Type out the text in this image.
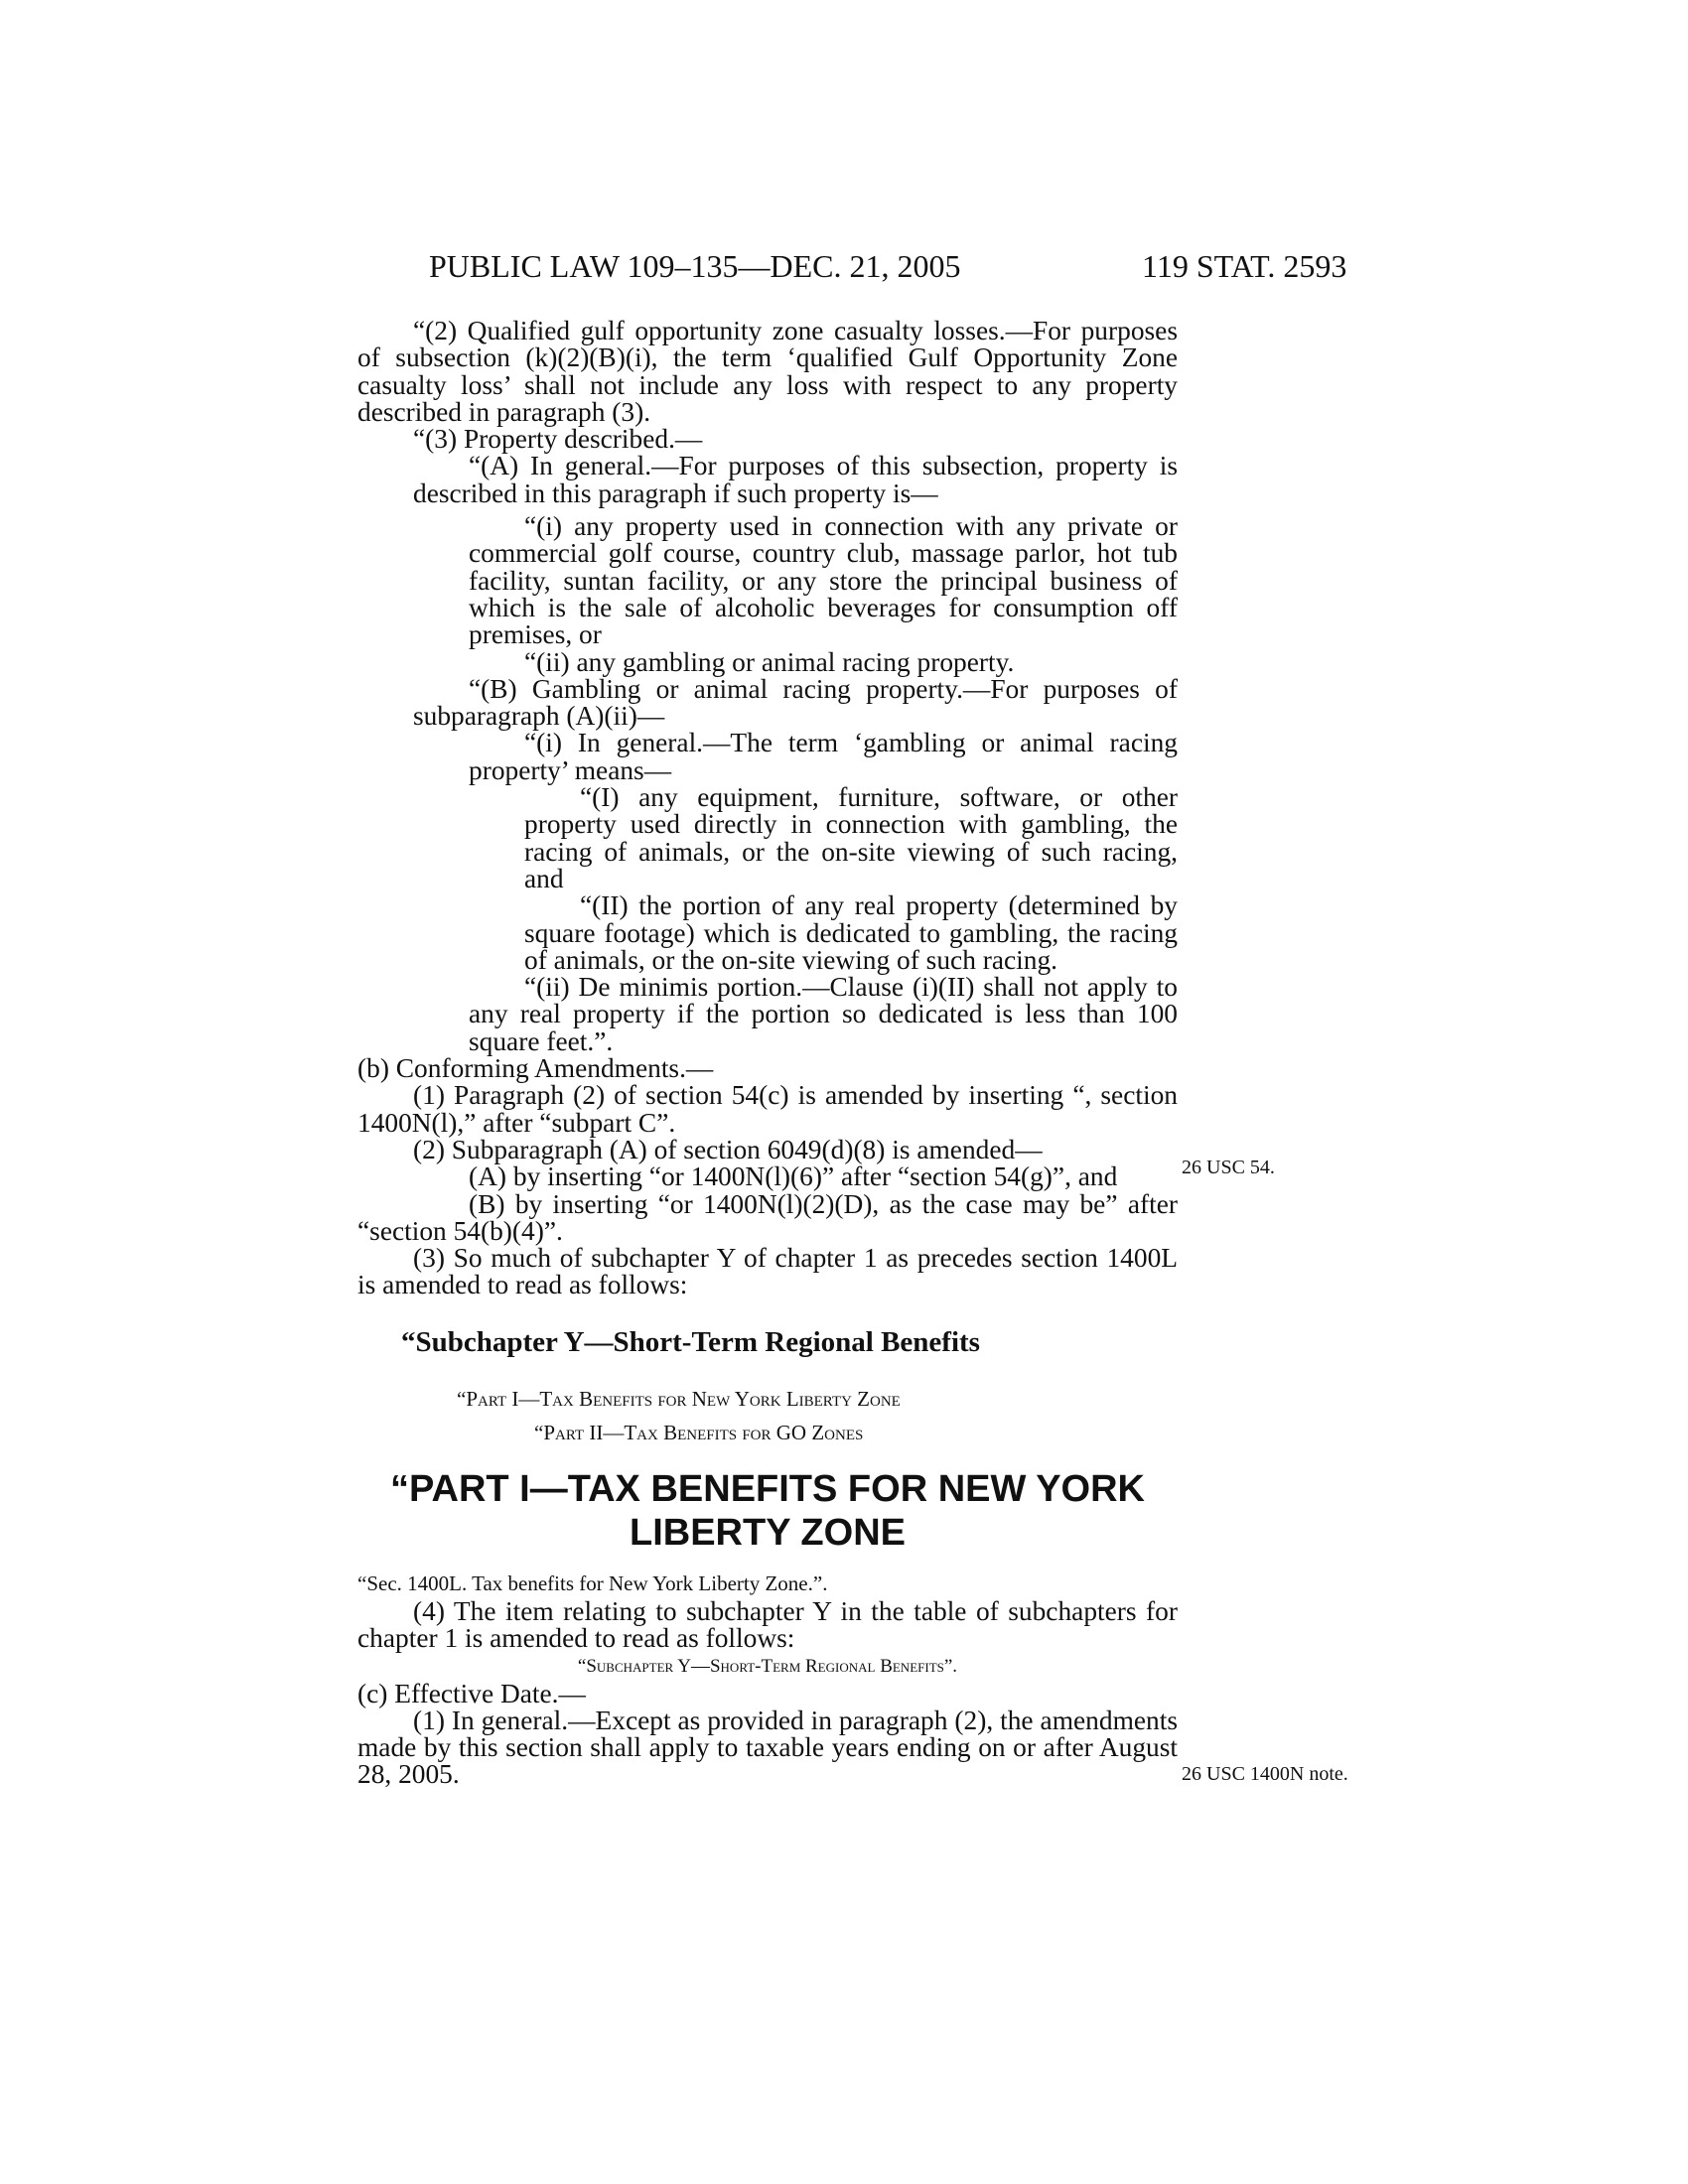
PUBLIC LAW 109–135—DEC. 21, 2005	119 STAT. 2593

“(2) Qualified gulf opportunity zone casualty losses.—For purposes of subsection (k)(2)(B)(i), the term ‘qualified Gulf Opportunity Zone casualty loss’ shall not include any loss with respect to any property described in paragraph (3).

“(3) Property described.—

“(A) In general.—For purposes of this subsection, property is described in this paragraph if such property is—

“(i) any property used in connection with any private or commercial golf course, country club, massage parlor, hot tub facility, suntan facility, or any store the principal business of which is the sale of alcoholic beverages for consumption off premises, or

“(ii) any gambling or animal racing property.

“(B) Gambling or animal racing property.—For purposes of subparagraph (A)(ii)—

“(i) In general.—The term ‘gambling or animal racing property’ means—

“(I) any equipment, furniture, software, or other property used directly in connection with gambling, the racing of animals, or the on-site viewing of such racing, and

“(II) the portion of any real property (determined by square footage) which is dedicated to gambling, the racing of animals, or the on-site viewing of such racing.

“(ii) De minimis portion.—Clause (i)(II) shall not apply to any real property if the portion so dedicated is less than 100 square feet.”.

(b) Conforming Amendments.—

(1) Paragraph (2) of section 54(c) is amended by inserting “, section 1400N(l),” after “subpart C”.

(2) Subparagraph (A) of section 6049(d)(8) is amended—

(A) by inserting “or 1400N(l)(6)” after “section 54(g)”, and

(B) by inserting “or 1400N(l)(2)(D), as the case may be” after “section 54(b)(4)”.

(3) So much of subchapter Y of chapter 1 as precedes section 1400L is amended to read as follows:

“Subchapter Y—Short-Term Regional Benefits

“Part I—Tax Benefits for New York Liberty Zone

“Part II—Tax Benefits for GO Zones

“PART I—TAX BENEFITS FOR NEW YORK LIBERTY ZONE

“Sec. 1400L. Tax benefits for New York Liberty Zone.”.

(4) The item relating to subchapter Y in the table of subchapters for chapter 1 is amended to read as follows:

“Subchapter Y—Short-Term Regional Benefits”.

(c) Effective Date.—

(1) In general.—Except as provided in paragraph (2), the amendments made by this section shall apply to taxable years ending on or after August 28, 2005.

26 USC 54.
26 USC 1400N note.
